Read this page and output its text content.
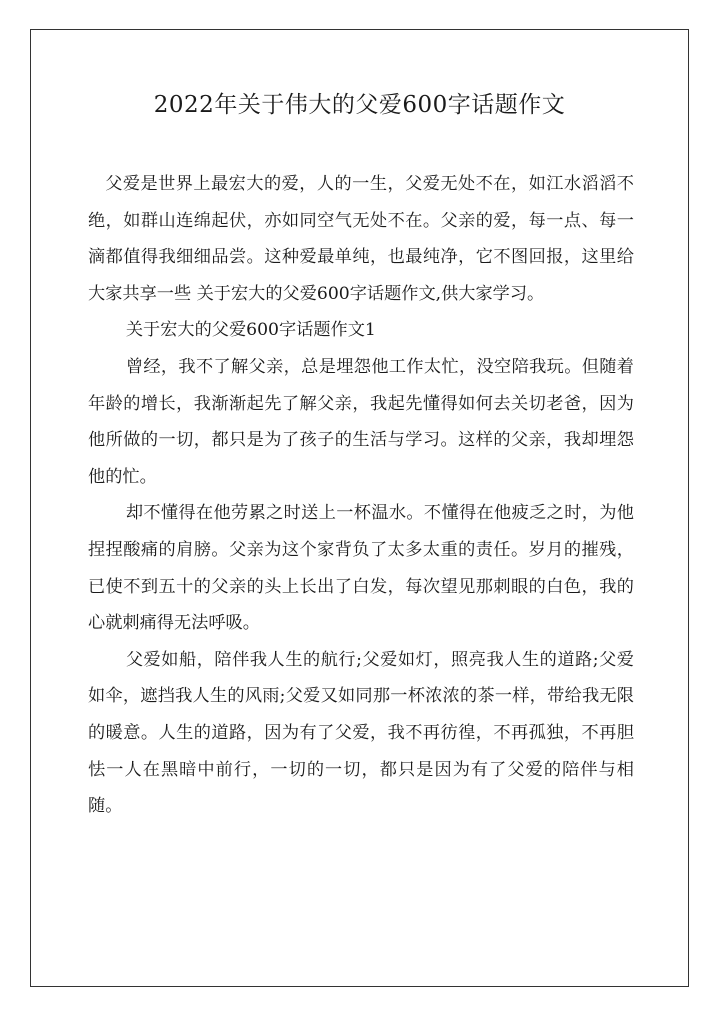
2022年关于伟大的父爱600字话题作文

父爱是世界上最宏大的爱，人的一生，父爱无处不在，如江水滔滔不绝，如群山连绵起伏，亦如同空气无处不在。父亲的爱，每一点、每一滴都值得我细细品尝。这种爱最单纯，也最纯净，它不图回报，这里给大家共享一些 关于宏大的父爱600字话题作文,供大家学习。

关于宏大的父爱600字话题作文1

曾经，我不了解父亲，总是埋怨他工作太忙，没空陪我玩。但随着年龄的增长，我渐渐起先了解父亲，我起先懂得如何去关切老爸，因为他所做的一切，都只是为了孩子的生活与学习。这样的父亲，我却埋怨他的忙。

却不懂得在他劳累之时送上一杯温水。不懂得在他疲乏之时，为他捏捏酸痛的肩膀。父亲为这个家背负了太多太重的责任。岁月的摧残，已使不到五十的父亲的头上长出了白发，每次望见那刺眼的白色，我的心就刺痛得无法呼吸。

父爱如船，陪伴我人生的航行;父爱如灯，照亮我人生的道路;父爱如伞，遮挡我人生的风雨;父爱又如同那一杯浓浓的茶一样，带给我无限的暖意。人生的道路，因为有了父爱，我不再彷徨，不再孤独，不再胆怯一人在黑暗中前行，一切的一切，都只是因为有了父爱的陪伴与相随。
